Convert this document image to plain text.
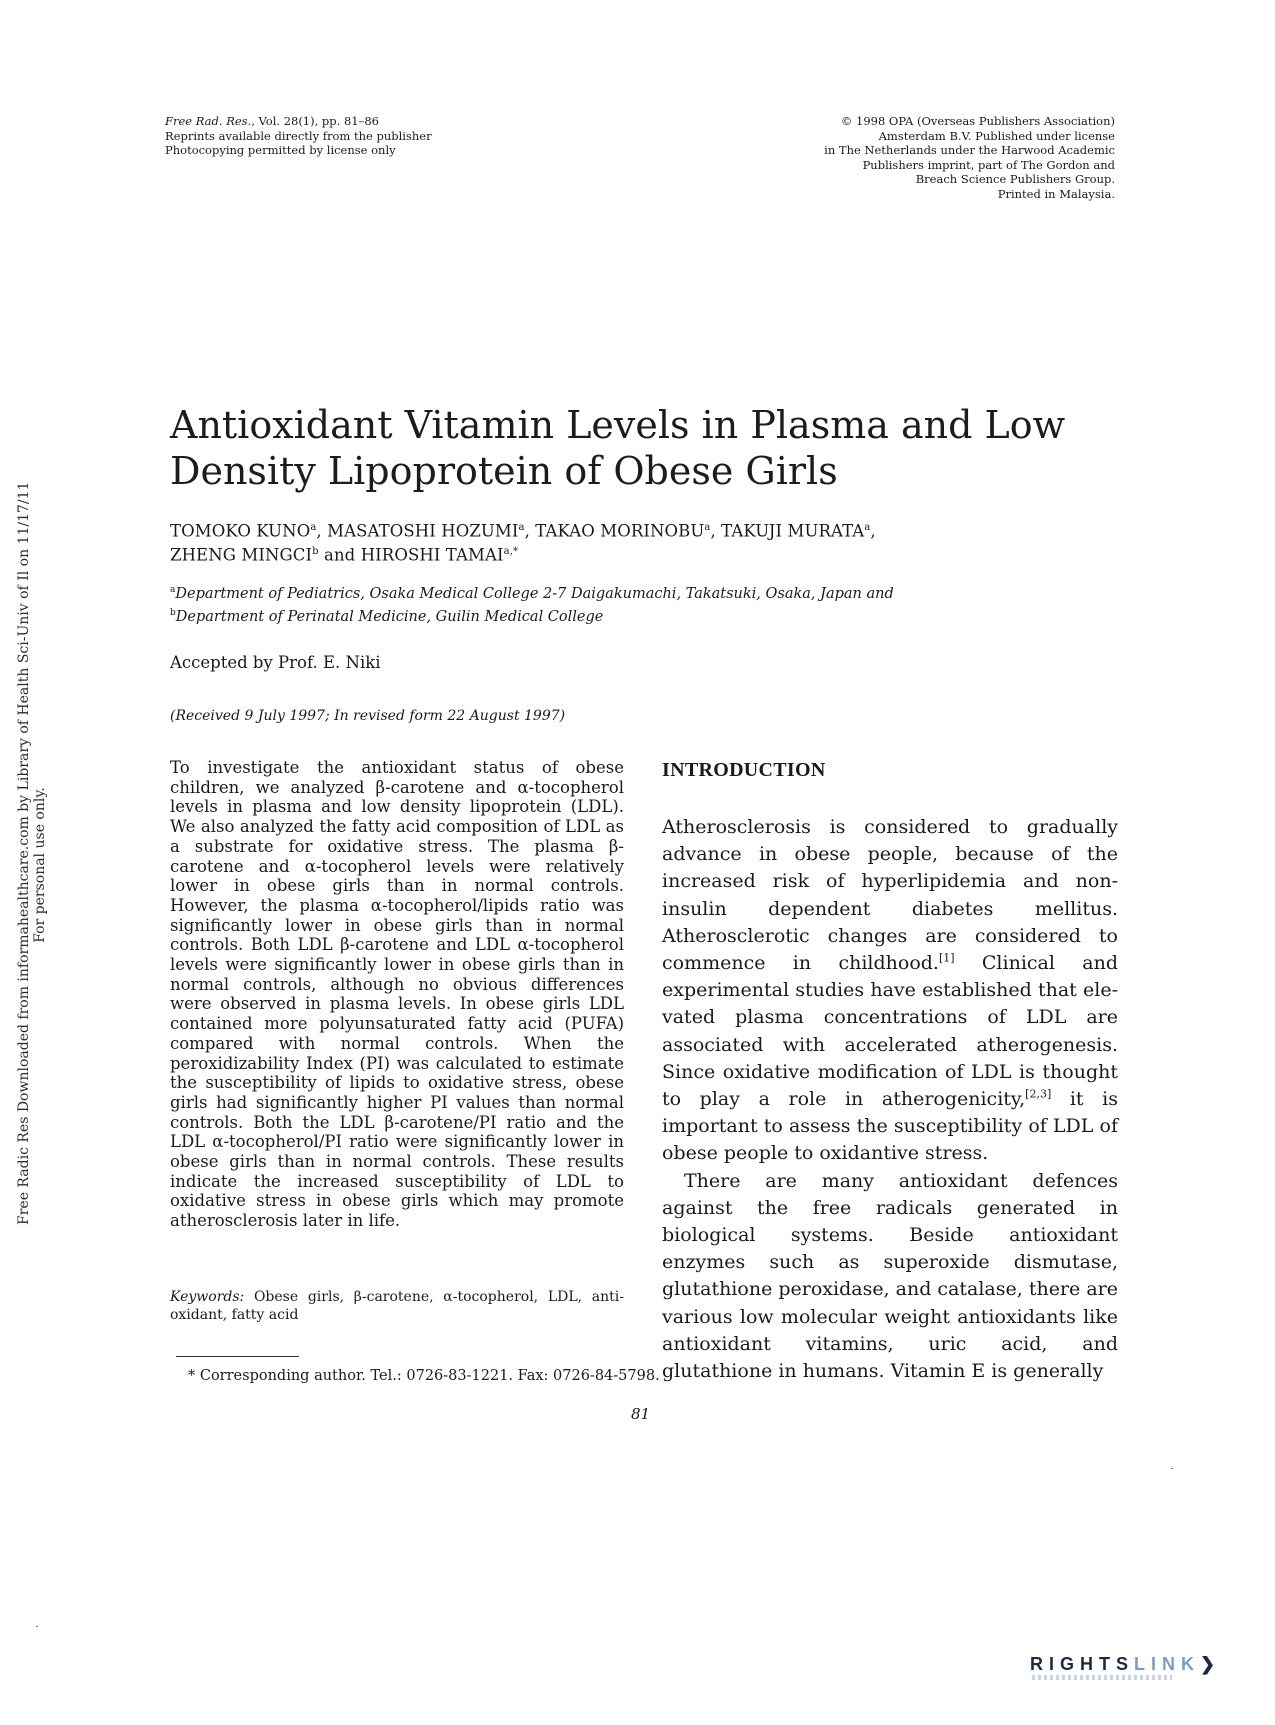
Free Rad. Res., Vol. 28(1), pp. 81–86
Reprints available directly from the publisher
Photocopying permitted by license only
© 1998 OPA (Overseas Publishers Association)
Amsterdam B.V. Published under license
in The Netherlands under the Harwood Academic
Publishers imprint, part of The Gordon and
Breach Science Publishers Group.
Printed in Malaysia.
Free Radic Res Downloaded from informahealthcare.com by Library of Health Sci-Univ of Il on 11/17/11 For personal use only.
Antioxidant Vitamin Levels in Plasma and Low Density Lipoprotein of Obese Girls
TOMOKO KUNO$^a$, MASATOSHI HOZUMI$^a$, TAKAO MORINOBU$^a$, TAKUJI MURATA$^a$,
ZHENG MINGCI$^b$ and HIROSHI $TAMAI^{a,*}$
$^a$Department of Pediatrics, Osaka Medical College 2-7 Daigakumachi, Takatsuki, Osaka, Japan and
$^b$Department of Perinatal Medicine, Guilin Medical College
Accepted by Prof. E. Niki
(Received 9 July 1997; In revised form 22 August 1997)

To investigate the antioxidant status of obese children, we analyzed β-carotene and α-tocopherol levels in plasma and low density lipoprotein (LDL). We also analyzed the fatty acid composition of LDL as a substrate for oxidative stress. The plasma β-carotene and α-tocopherol levels were relatively lower in obese girls than in normal controls. However, the plasma α-tocopherol/lipids ratio was significantly lower in obese girls than in normal controls. Both LDL β-carotene and LDL α-tocopherol levels were significantly lower in obese girls than in normal controls, although no obvious differences were observed in plasma levels. In obese girls LDL contained more polyunsaturated fatty acid (PUFA) compared with normal controls. When the peroxidizability Index (PI) was calculated to estimate the susceptibility of lipids to oxidative stress, obese girls had significantly higher PI values than normal controls. Both the LDL β-carotene/PI ratio and the LDL α-tocopherol/PI ratio were significantly lower in obese girls than in normal controls. These results indicate the increased susceptibility of LDL to oxidative stress in obese girls which may promote atherosclerosis later in life.

Keywords: Obese girls, β-carotene, α-tocopherol, LDL, antioxidant, fatty acid
INTRODUCTION

Atherosclerosis is considered to gradually advance in obese people, because of the increased risk of hyperlipidemia and non-insulin dependent diabetes mellitus. Atherosclerotic changes are considered to commence in childhood.[1] Clinical and experimental studies have established that elevated plasma concentrations of LDL are associated with accelerated atherogenesis. Since oxidative modification of LDL is thought to play a role in atherogenicity,[2,3] it is important to assess the susceptibility of LDL of obese people to oxidantive stress.

There are many antioxidant defences against the free radicals generated in biological systems. Beside antioxidant enzymes such as superoxide dismutase, glutathione peroxidase, and catalase, there are various low molecular weight antioxidants like antioxidant vitamins, uric acid, and glutathione in humans. Vitamin E is generally

* Corresponding author. Tel.: 0726-83-1221. Fax: 0726-84-5798.
81
RIGHTSLINK❯
